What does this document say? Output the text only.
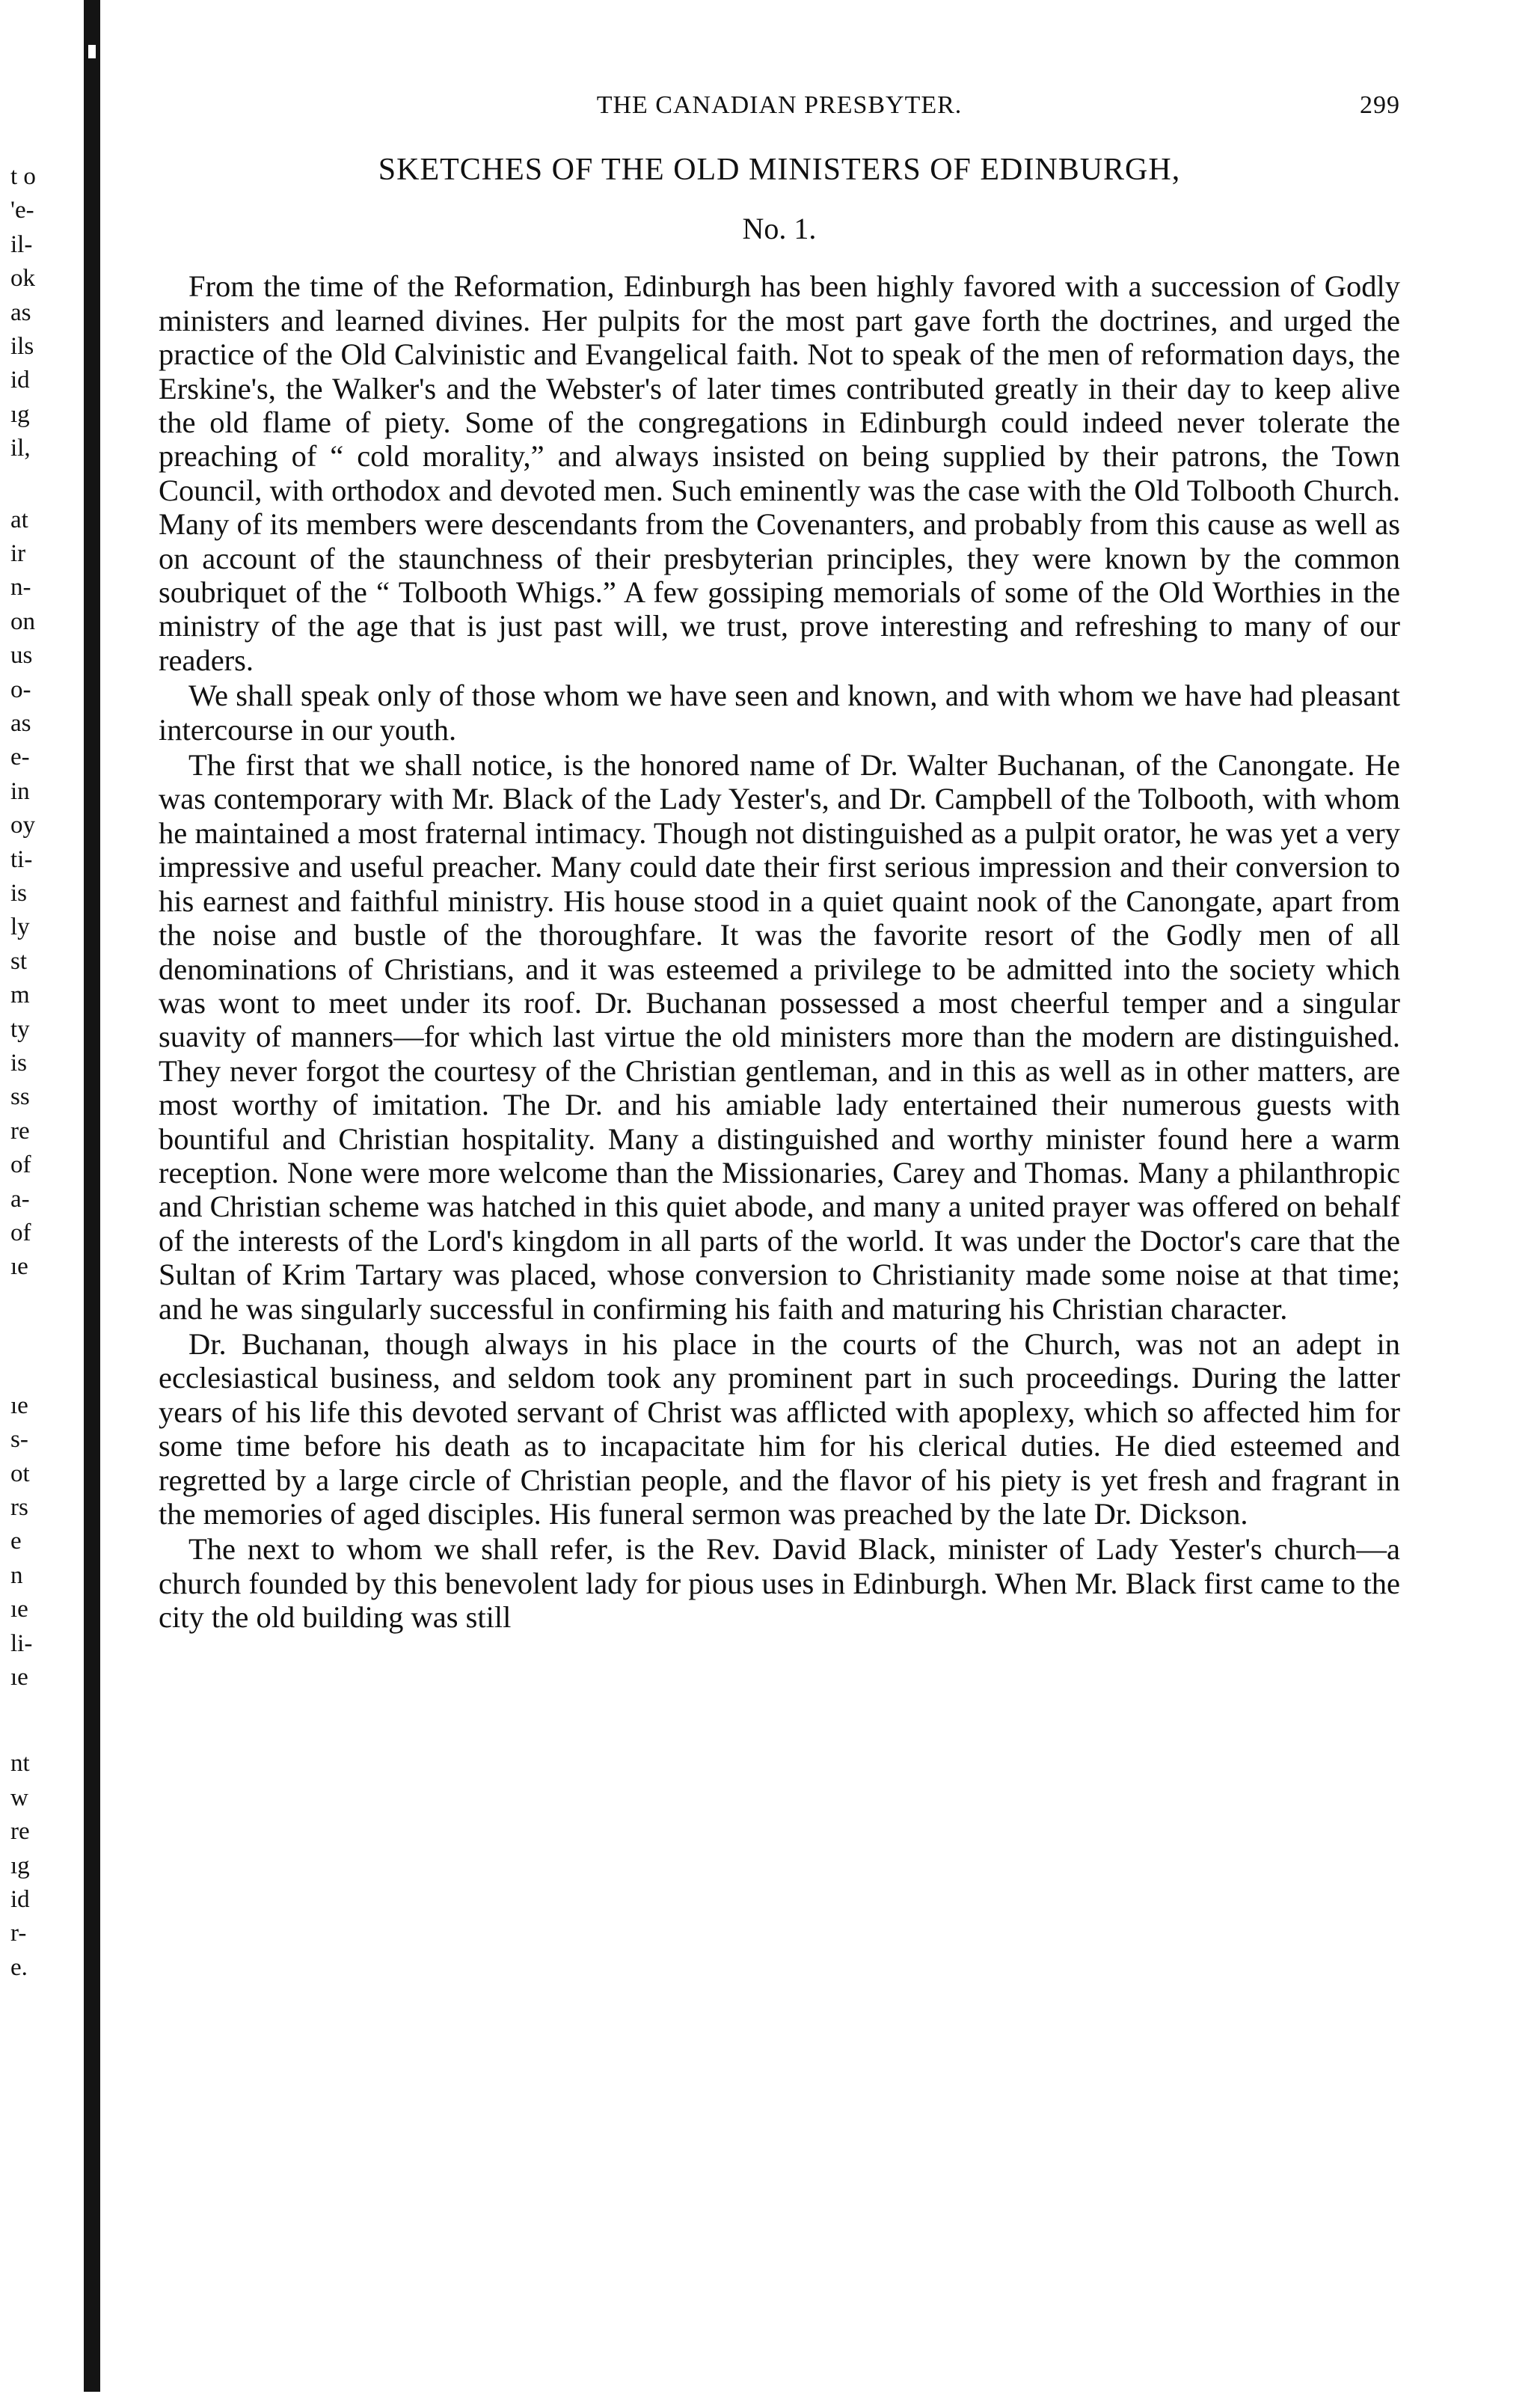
t o
'e-
il-
ok
as
ils
id
ıg
il,
at
ir
n-
on
us
o-
as
e-
in
oy
ti-
is
ly
st
m
ty
is
ss
re
of
a-
of
ıe
ıe
s-
ot
rs
e
n
ıe
li-
ıe
nt
w
re
ıg
id
r-
e.
THE CANADIAN PRESBYTER.	299
SKETCHES OF THE OLD MINISTERS OF EDINBURGH,
No. 1.

From the time of the Reformation, Edinburgh has been highly favored with a succession of Godly ministers and learned divines. Her pulpits for the most part gave forth the doctrines, and urged the practice of the Old Calvinistic and Evangelical faith. Not to speak of the men of reformation days, the Erskine's, the Walker's and the Webster's of later times contributed greatly in their day to keep alive the old flame of piety. Some of the congregations in Edinburgh could indeed never tolerate the preaching of “ cold morality,” and always insisted on being supplied by their patrons, the Town Council, with orthodox and devoted men. Such eminently was the case with the Old Tolbooth Church. Many of its members were descendants from the Covenanters, and probably from this cause as well as on account of the staunchness of their presbyterian principles, they were known by the common soubriquet of the “ Tolbooth Whigs.” A few gossiping memorials of some of the Old Worthies in the ministry of the age that is just past will, we trust, prove interesting and refreshing to many of our readers.

We shall speak only of those whom we have seen and known, and with whom we have had pleasant intercourse in our youth.

The first that we shall notice, is the honored name of Dr. Walter Buchanan, of the Canongate. He was contemporary with Mr. Black of the Lady Yester's, and Dr. Campbell of the Tolbooth, with whom he maintained a most fraternal intimacy. Though not distinguished as a pulpit orator, he was yet a very impressive and useful preacher. Many could date their first serious impression and their conversion to his earnest and faithful ministry. His house stood in a quiet quaint nook of the Canongate, apart from the noise and bustle of the thoroughfare. It was the favorite resort of the Godly men of all denominations of Christians, and it was esteemed a privilege to be admitted into the society which was wont to meet under its roof. Dr. Buchanan possessed a most cheerful temper and a singular suavity of manners—for which last virtue the old ministers more than the modern are distinguished. They never forgot the courtesy of the Christian gentleman, and in this as well as in other matters, are most worthy of imitation. The Dr. and his amiable lady entertained their numerous guests with bountiful and Christian hospitality. Many a distinguished and worthy minister found here a warm reception. None were more welcome than the Missionaries, Carey and Thomas. Many a philanthropic and Christian scheme was hatched in this quiet abode, and many a united prayer was offered on behalf of the interests of the Lord's kingdom in all parts of the world. It was under the Doctor's care that the Sultan of Krim Tartary was placed, whose conversion to Christianity made some noise at that time; and he was singularly successful in confirming his faith and maturing his Christian character.

Dr. Buchanan, though always in his place in the courts of the Church, was not an adept in ecclesiastical business, and seldom took any prominent part in such proceedings. During the latter years of his life this devoted servant of Christ was afflicted with apoplexy, which so affected him for some time before his death as to incapacitate him for his clerical duties. He died esteemed and regretted by a large circle of Christian people, and the flavor of his piety is yet fresh and fragrant in the memories of aged disciples. His funeral sermon was preached by the late Dr. Dickson.

The next to whom we shall refer, is the Rev. David Black, minister of Lady Yester's church—a church founded by this benevolent lady for pious uses in Edinburgh. When Mr. Black first came to the city the old building was still
